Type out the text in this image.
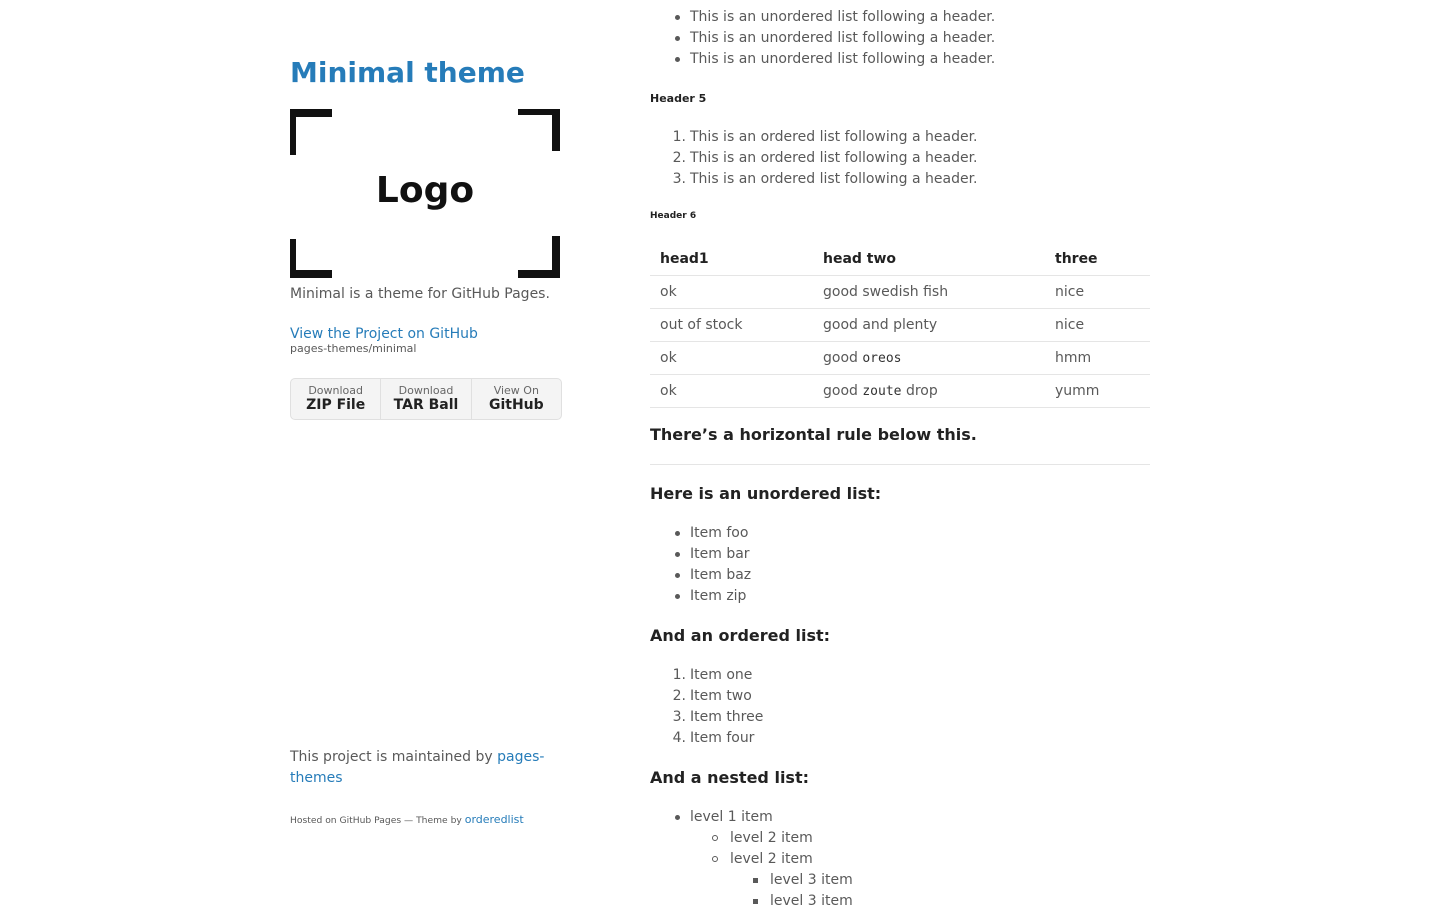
Minimal theme
Logo

Minimal is a theme for GitHub Pages.

View the Project on GitHub
pages-themes/minimal
Download
ZIP File
Download
TAR Ball
View On
GitHub

This project is maintained by pages-themes

Hosted on GitHub Pages — Theme by orderedlist

This is an unordered list following a header.
This is an unordered list following a header.
This is an unordered list following a header.
Header 5
1. This is an ordered list following a header.
2. This is an ordered list following a header.
3. This is an ordered list following a header.
Header 6
head1	head two	three
ok	good swedish fish	nice
out of stock	good and plenty	nice
ok	good oreos	hmm
ok	good zoute drop	yumm
There’s a horizontal rule below this.
Here is an unordered list:
Item foo
Item bar
Item baz
Item zip
And an ordered list:
1. Item one
2. Item two
3. Item three
4. Item four
And a nested list:
level 1 item
level 2 item
level 2 item
level 3 item
level 3 item
